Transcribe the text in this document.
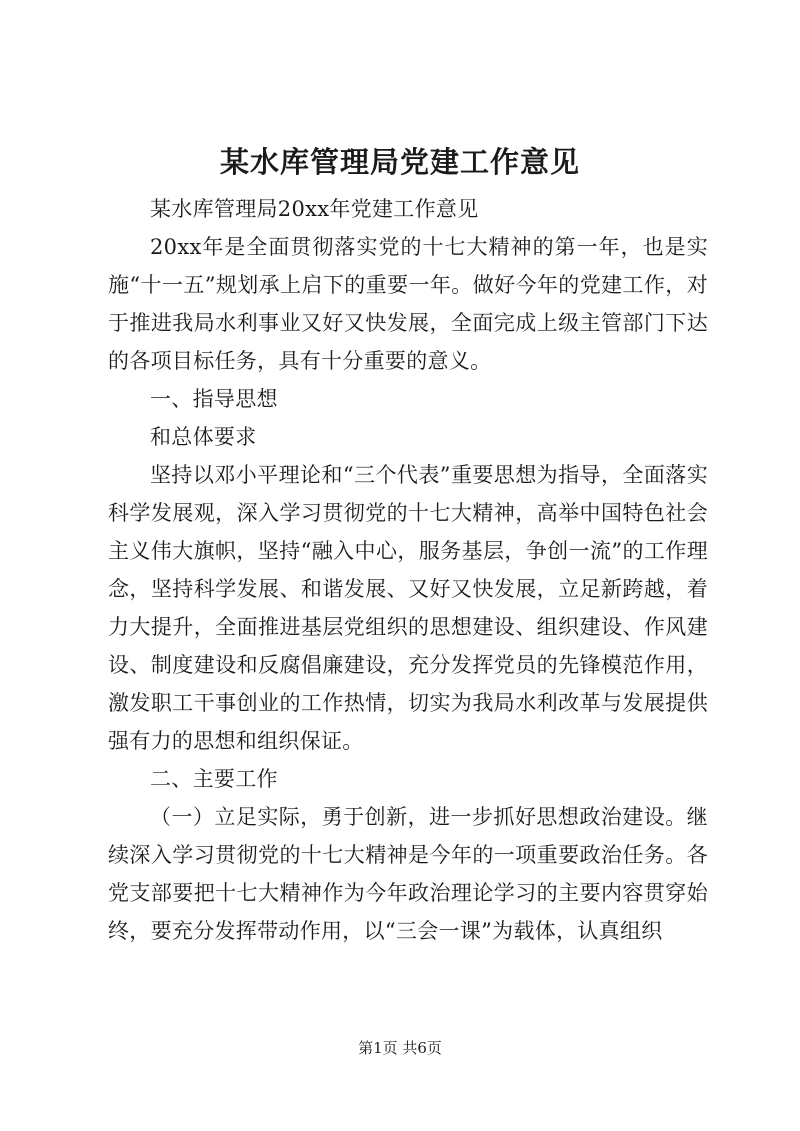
某水库管理局党建工作意见

某水库管理局20xx年党建工作意见

20xx年是全面贯彻落实党的十七大精神的第一年，也是实施“十一五”规划承上启下的重要一年。做好今年的党建工作，对于推进我局水利事业又好又快发展，全面完成上级主管部门下达的各项目标任务，具有十分重要的意义。

一、指导思想

和总体要求

坚持以邓小平理论和“三个代表”重要思想为指导，全面落实科学发展观，深入学习贯彻党的十七大精神，高举中国特色社会主义伟大旗帜，坚持“融入中心，服务基层，争创一流”的工作理念，坚持科学发展、和谐发展、又好又快发展，立足新跨越，着力大提升，全面推进基层党组织的思想建设、组织建设、作风建设、制度建设和反腐倡廉建设，充分发挥党员的先锋模范作用，激发职工干事创业的工作热情，切实为我局水利改革与发展提供强有力的思想和组织保证。

二、主要工作

（一）立足实际，勇于创新，进一步抓好思想政治建设。继续深入学习贯彻党的十七大精神是今年的一项重要政治任务。各党支部要把十七大精神作为今年政治理论学习的主要内容贯穿始终，要充分发挥带动作用，以“三会一课”为载体，认真组织

第1页 共6页
